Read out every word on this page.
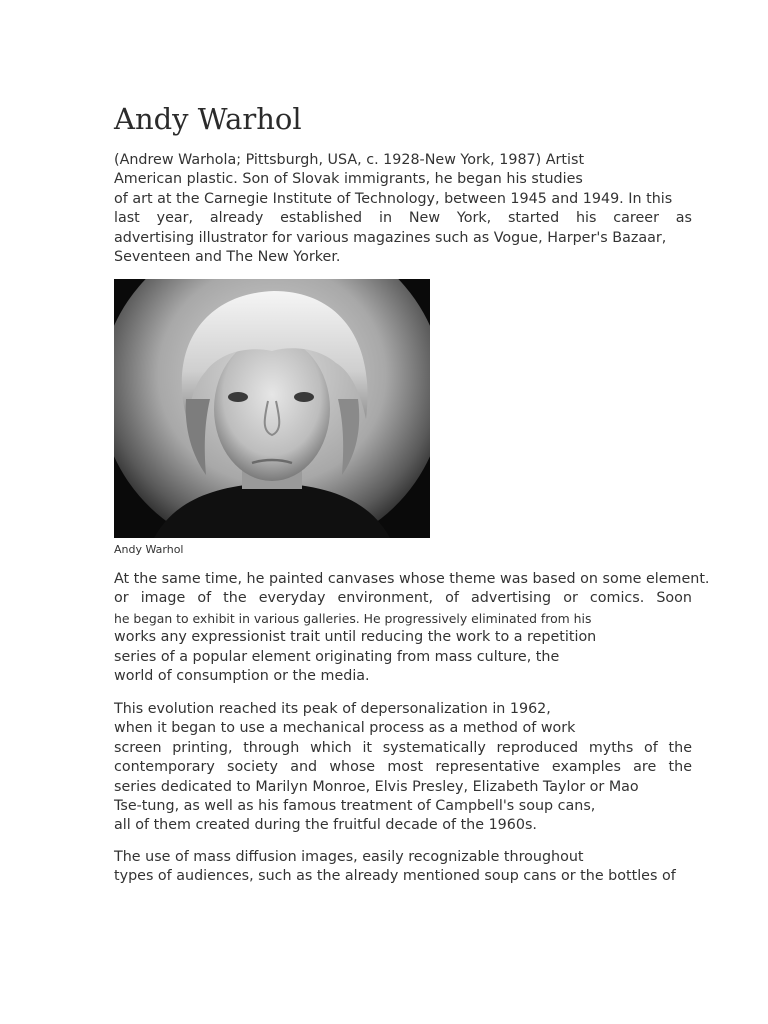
Andy Warhol
(Andrew Warhola; Pittsburgh, USA, c. 1928-New York, 1987) Artist
American plastic. Son of Slovak immigrants, he began his studies
of art at the Carnegie Institute of Technology, between 1945 and 1949. In this
last year, already established in New York, started his career as
advertising illustrator for various magazines such as Vogue, Harper's Bazaar,
Seventeen and The New Yorker.
Andy Warhol
At the same time, he painted canvases whose theme was based on some element.
or image of the everyday environment, of advertising or comics. Soon
he began to exhibit in various galleries. He progressively eliminated from his
works any expressionist trait until reducing the work to a repetition
series of a popular element originating from mass culture, the
world of consumption or the media.
This evolution reached its peak of depersonalization in 1962,
when it began to use a mechanical process as a method of work
screen printing, through which it systematically reproduced myths of the
contemporary society and whose most representative examples are the
series dedicated to Marilyn Monroe, Elvis Presley, Elizabeth Taylor or Mao
Tse-tung, as well as his famous treatment of Campbell's soup cans,
all of them created during the fruitful decade of the 1960s.
The use of mass diffusion images, easily recognizable throughout
types of audiences, such as the already mentioned soup cans or the bottles of
